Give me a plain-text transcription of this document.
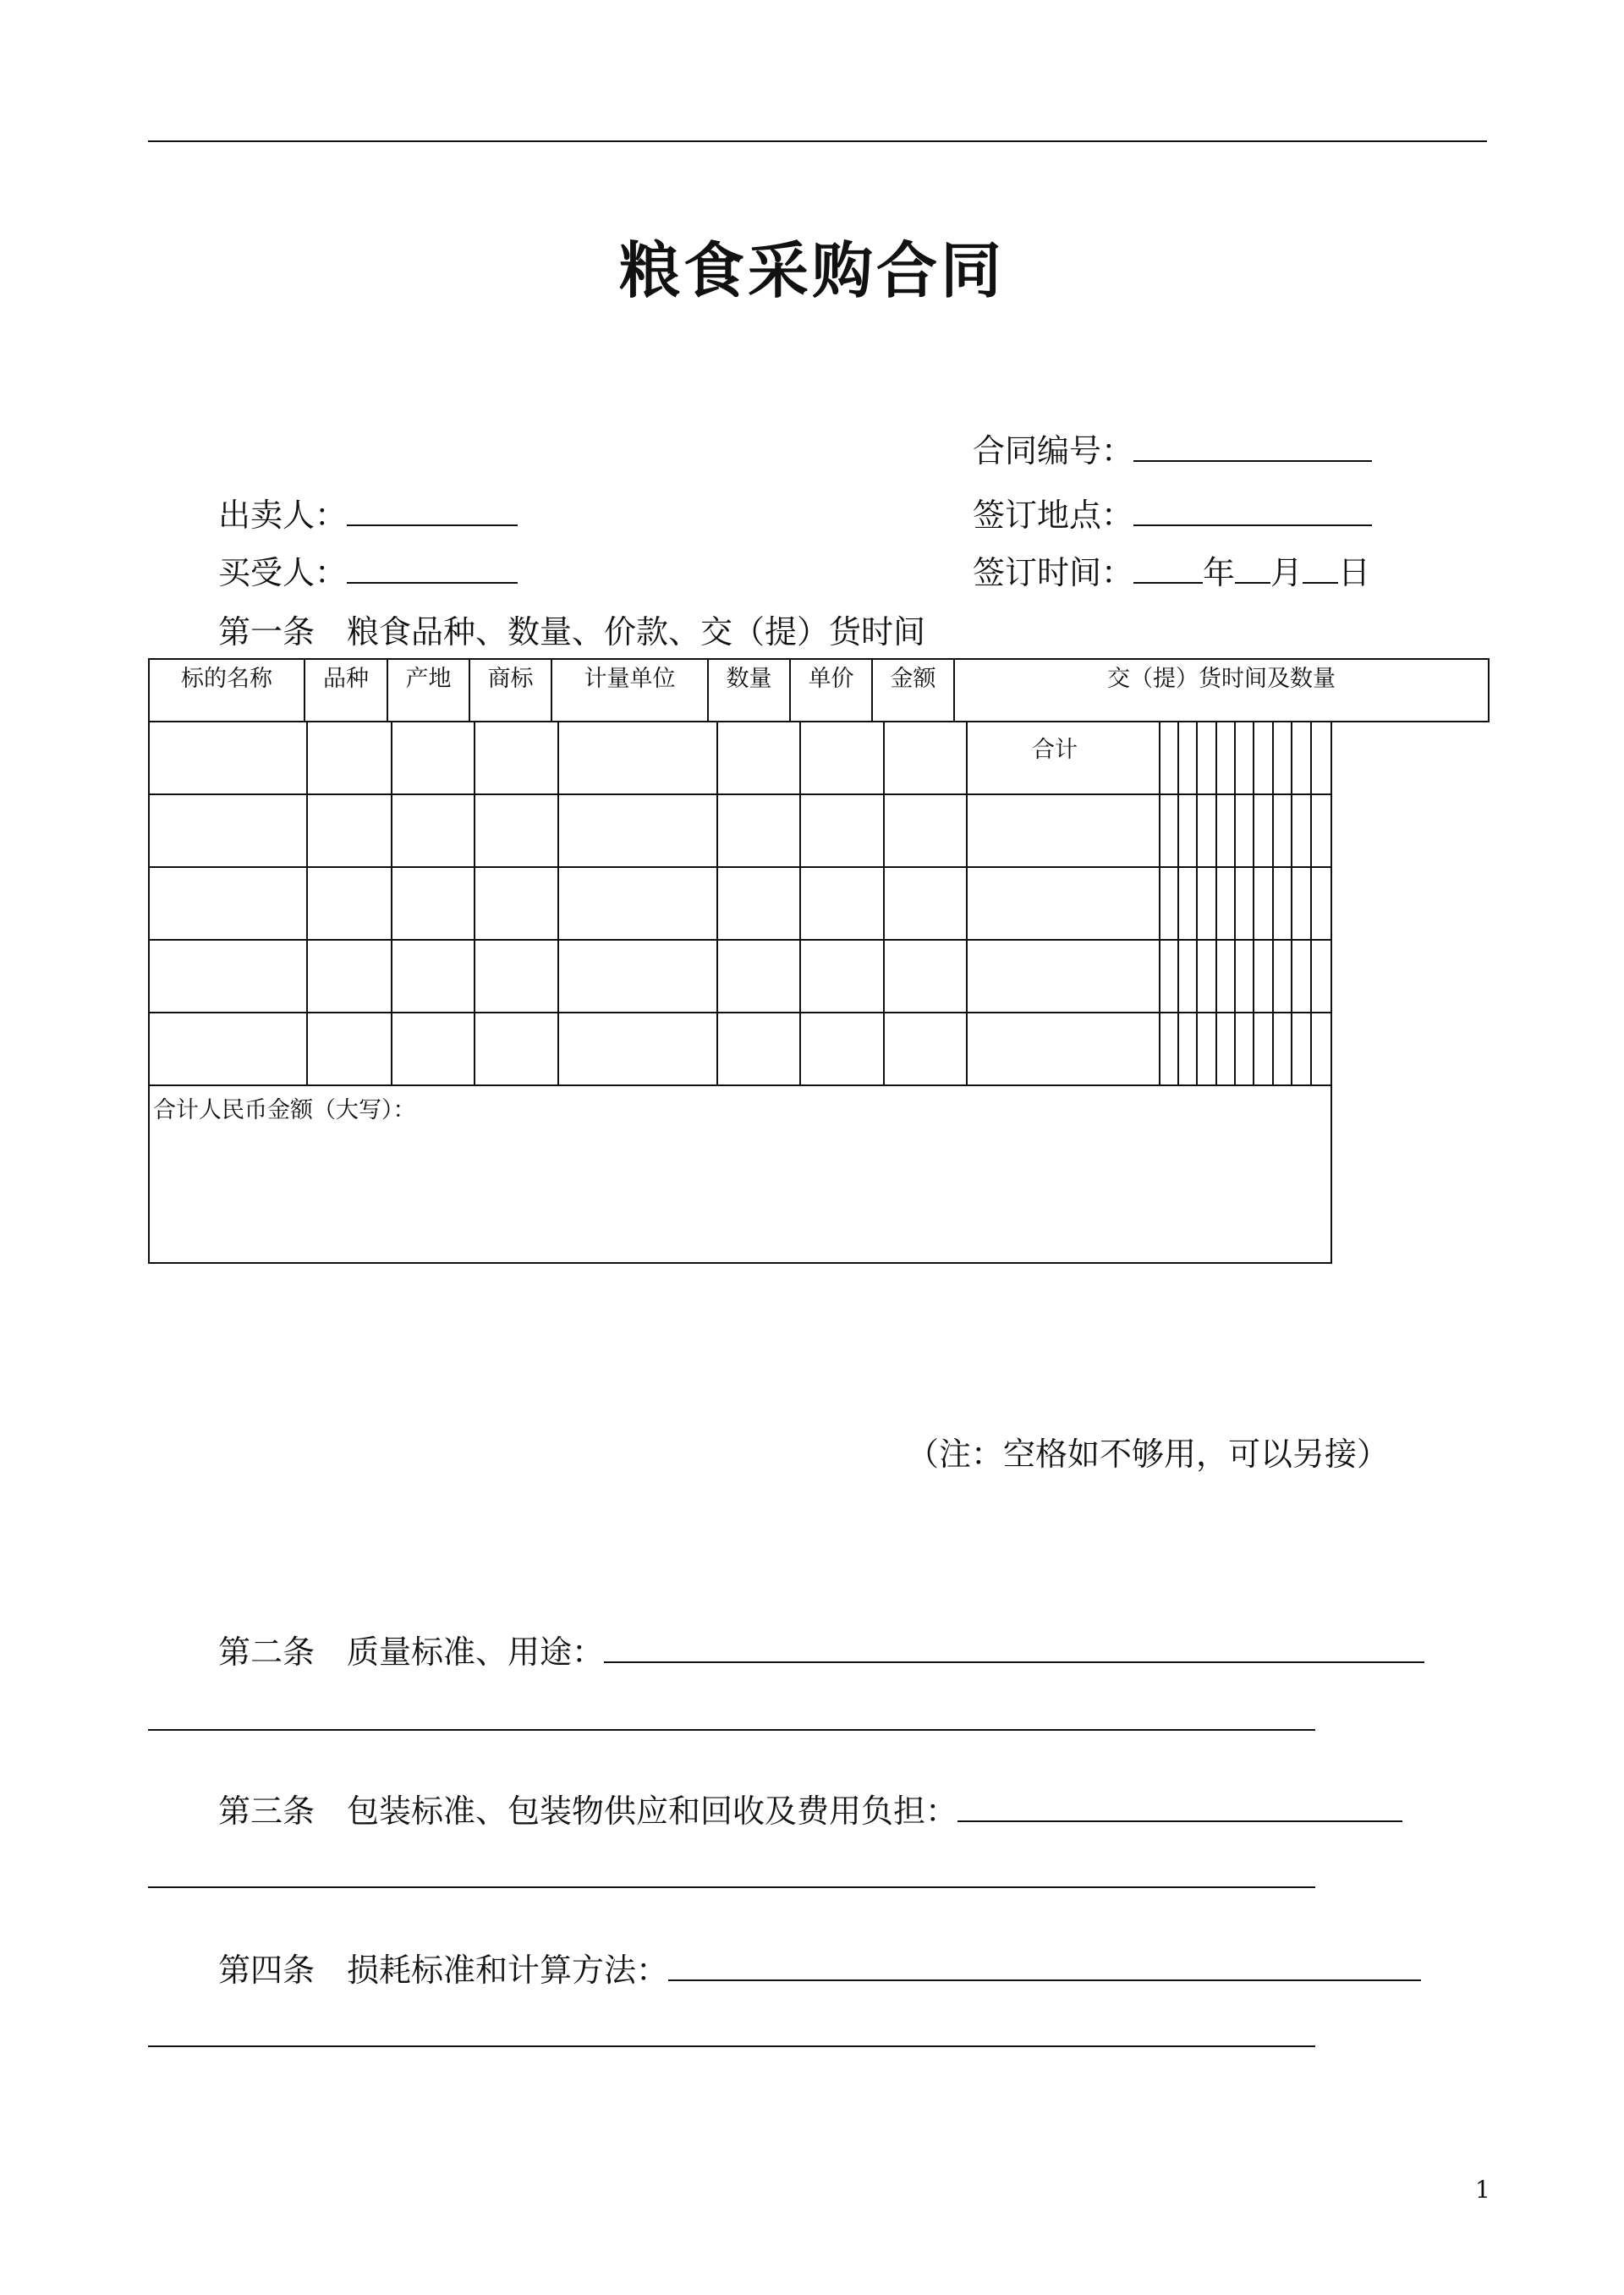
粮食采购合同
合同编号：
出卖人：	签订地点：
买受人：	签订时间： 年 月 日
第一条　粮食品种、数量、价款、交（提）货时间
标的名称	品种	产地	商标	计量单位	数量	单价	金额	交（提）货时间及数量

								合计									

合计人民币金额（大写）：																	
（注：空格如不够用，可以另接）
第二条　质量标准、用途：
第三条　包装标准、包装物供应和回收及费用负担：
第四条　损耗标准和计算方法：
1
